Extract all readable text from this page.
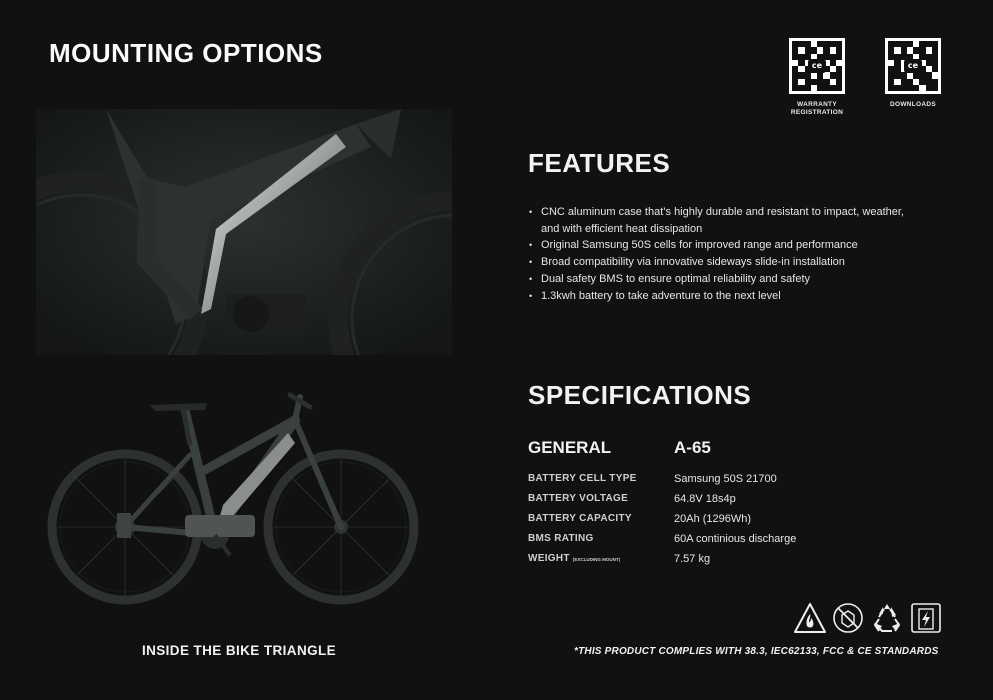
MOUNTING OPTIONS	ce
WARRANTY
REGISTRATION
ce
DOWNLOADS
INSIDE THE BIKE TRIANGLE
FEATURES
• CNC aluminum case that’s highly durable and resistant to impact, weather, and with efficient heat dissipation
• Original Samsung 50S cells for improved range and performance
• Broad compatibility via innovative sideways slide-in installation
• Dual safety BMS to ensure optimal reliability and safety
• 1.3kwh battery to take adventure to the next level
SPECIFICATIONS
GENERAL	A-65
BATTERY CELL TYPE	Samsung 50S 21700
BATTERY VOLTAGE	64.8V 18s4p
BATTERY CAPACITY	20Ah (1296Wh)
BMS RATING	60A continious discharge
WEIGHT (EXCLUDING MOUNT)	7.57 kg
*THIS PRODUCT COMPLIES WITH 38.3, IEC62133, FCC & CE STANDARDS
